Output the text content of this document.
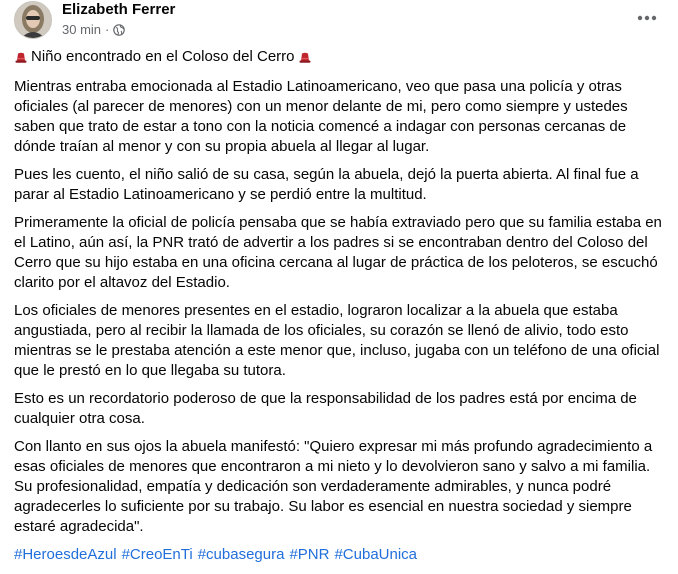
Elizabeth Ferrer
30 min ·
Niño encontrado en el Coloso del Cerro

Mientras entraba emocionada al Estadio Latinoamericano, veo que pasa una policía y otras oficiales (al parecer de menores) con un menor delante de mi, pero como siempre y ustedes saben que trato de estar a tono con la noticia comencé a indagar con personas cercanas de dónde traían al menor y con su propia abuela al llegar al lugar.

Pues les cuento, el niño salió de su casa, según la abuela, dejó la puerta abierta. Al final fue a parar al Estadio Latinoamericano y se perdió entre la multitud.

Primeramente la oficial de policía pensaba que se había extraviado pero que su familia estaba en el Latino, aún así, la PNR trató de advertir a los padres si se encontraban dentro del Coloso del Cerro que su hijo estaba en una oficina cercana al lugar de práctica de los peloteros, se escuchó clarito por el altavoz del Estadio.

Los oficiales de menores presentes en el estadio, lograron localizar a la abuela que estaba angustiada, pero al recibir la llamada de los oficiales, su corazón se llenó de alivio, todo esto mientras se le prestaba atención a este menor que, incluso, jugaba con un teléfono de una oficial que le prestó en lo que llegaba su tutora.

Esto es un recordatorio poderoso de que la responsabilidad de los padres está por encima de cualquier otra cosa.

Con llanto en sus ojos la abuela manifestó: "Quiero expresar mi más profundo agradecimiento a esas oficiales de menores que encontraron a mi nieto y lo devolvieron sano y salvo a mi familia. Su profesionalidad, empatía y dedicación son verdaderamente admirables, y nunca podré agradecerles lo suficiente por su trabajo. Su labor es esencial en nuestra sociedad y siempre estaré agradecida".

#HeroesdeAzul #CreoEnTi #cubasegura #PNR #CubaUnica
